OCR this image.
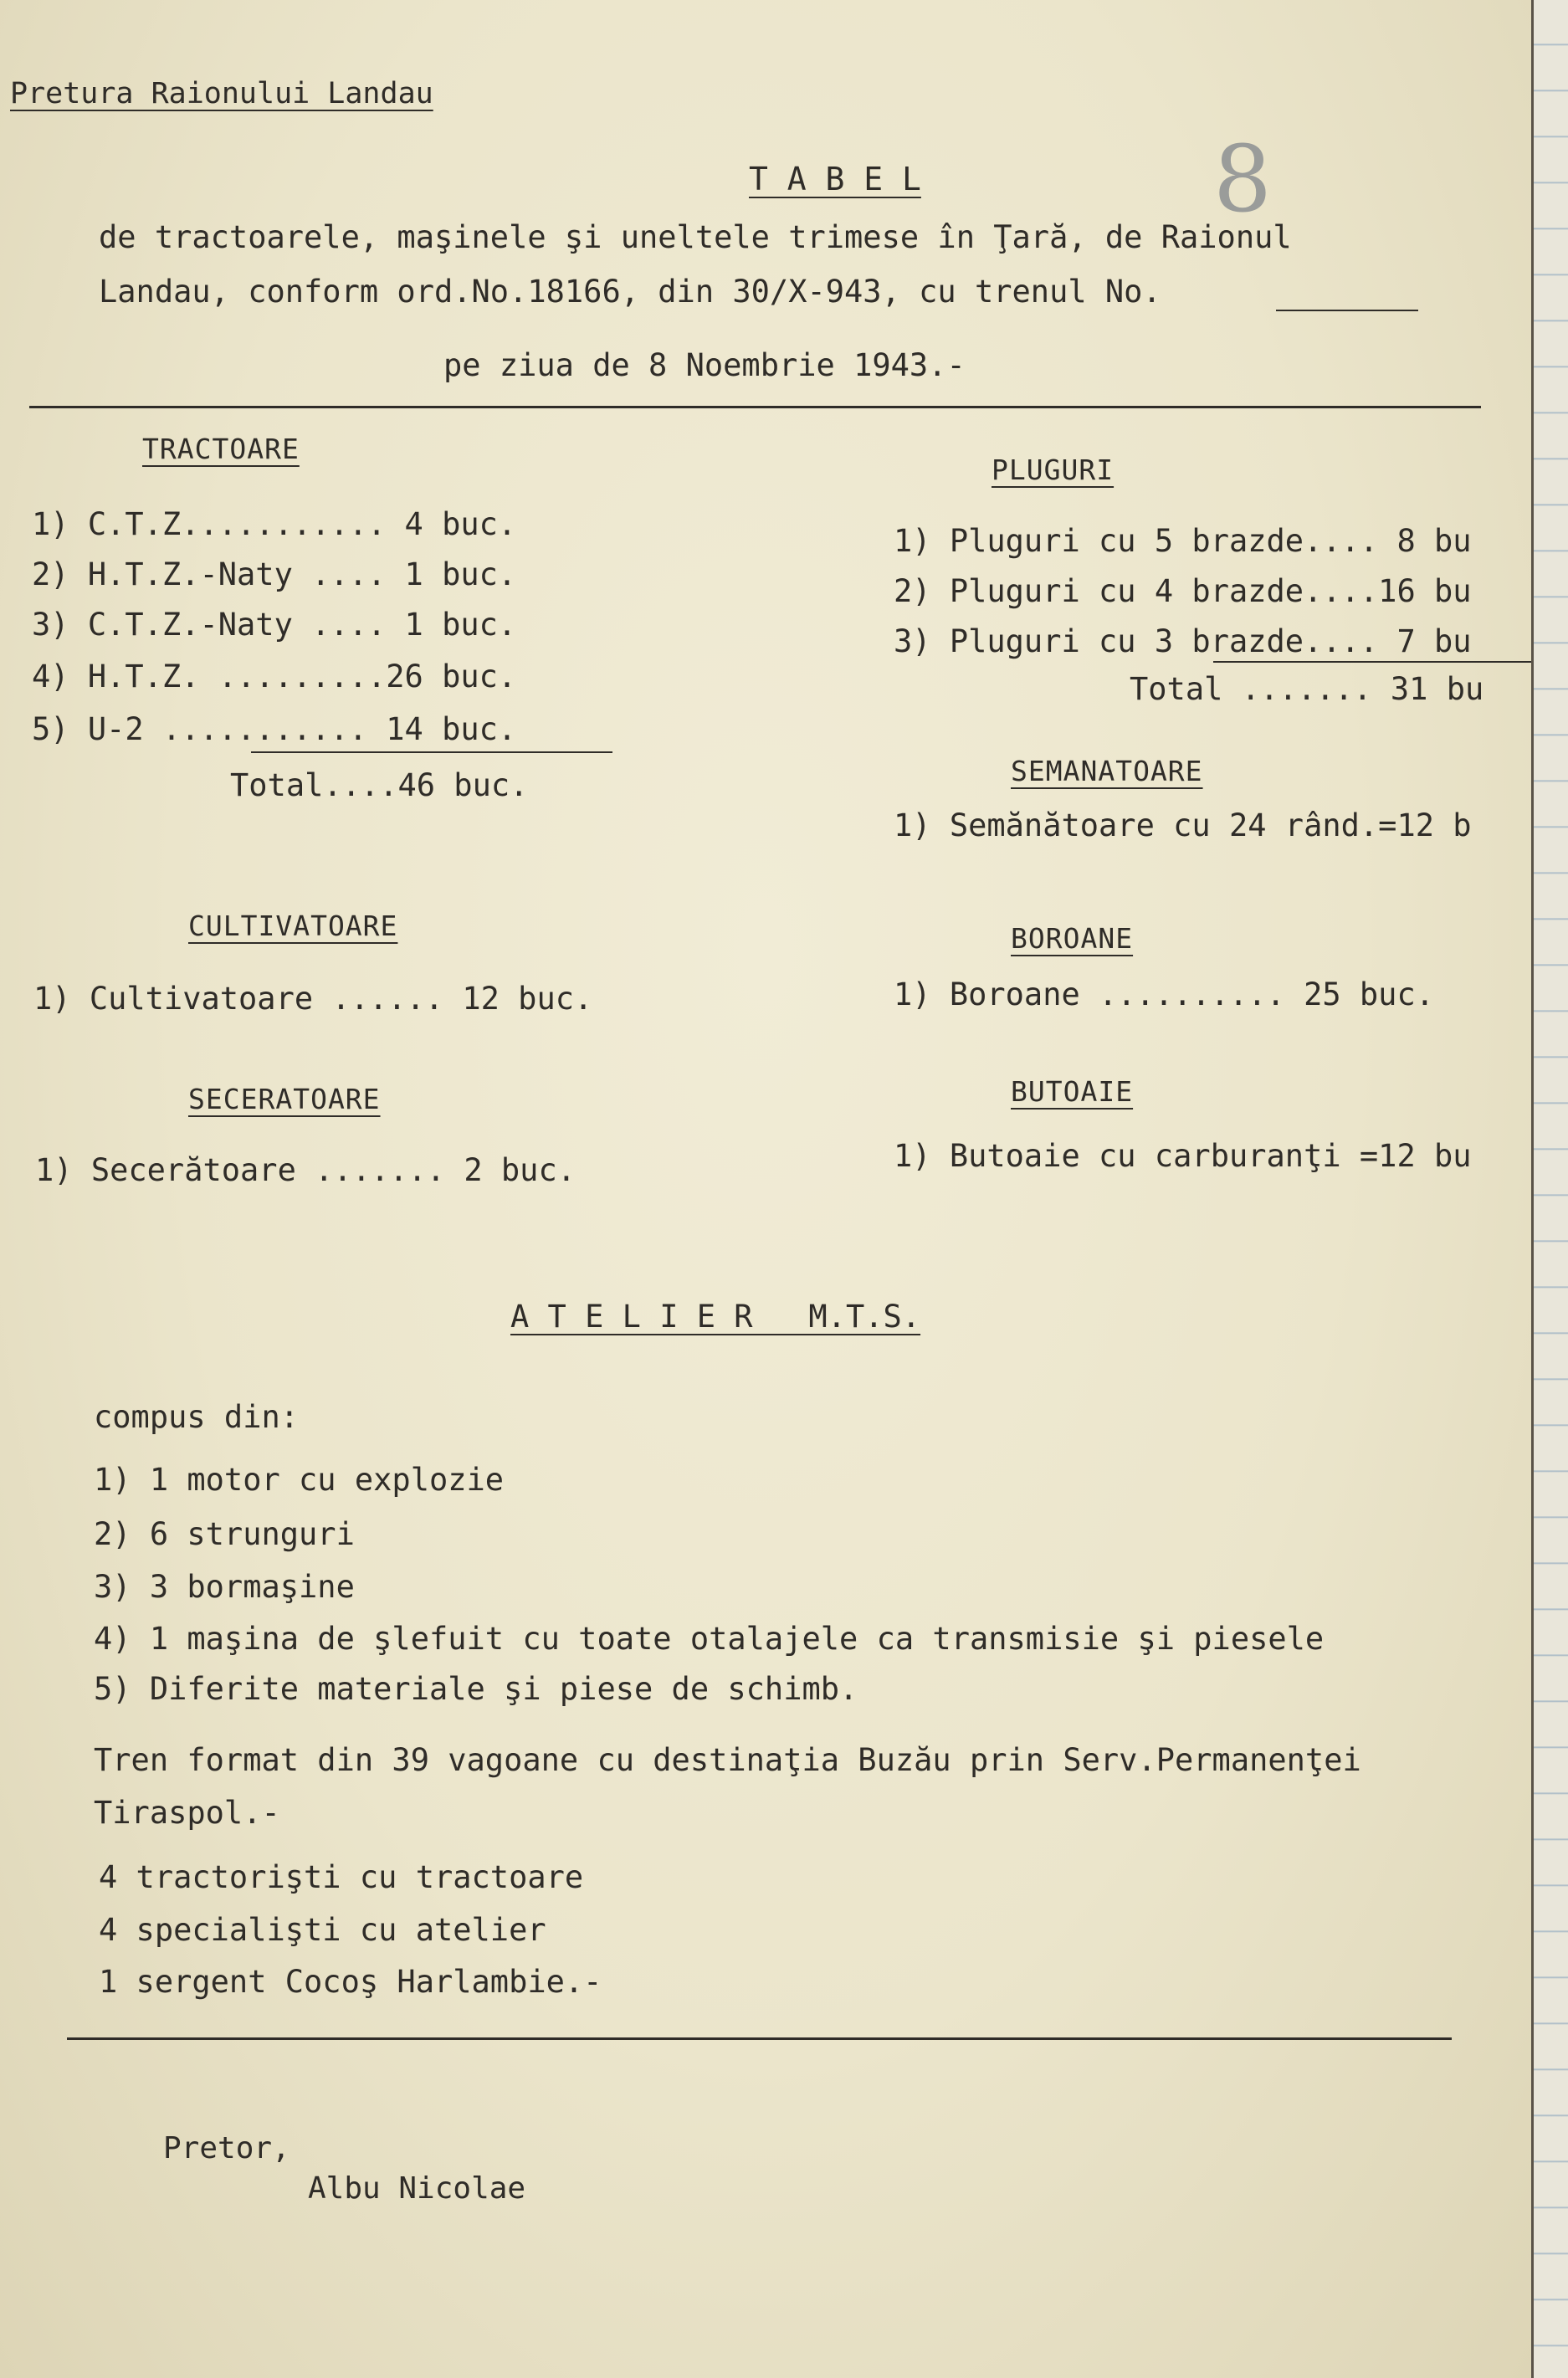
Pretura Raionului Landau
8
T A B E L
de tractoarele, maşinele şi uneltele trimese în Ţară, de Raionul
Landau, conform ord.No.18166, din 30/X-943, cu trenul No.
pe ziua de 8 Noembrie 1943.-
TRACTOARE
1) C.T.Z........... 4 buc.
2) H.T.Z.-Naty .... 1 buc.
3) C.T.Z.-Naty .... 1 buc.
4) H.T.Z. .........26 buc.
5) U-2 ........... 14 buc.
Total....46 buc.
PLUGURI
1) Pluguri cu 5 brazde.... 8 bu
2) Pluguri cu 4 brazde....16 bu
3) Pluguri cu 3 brazde.... 7 bu
Total ....... 31 bu
SEMANATOARE
1) Semănătoare cu 24 rând.=12 b
CULTIVATOARE
1) Cultivatoare ...... 12 buc.
BOROANE
1) Boroane .......... 25 buc.
SECERATOARE
1) Secerătoare ....... 2 buc.
BUTOAIE
1) Butoaie cu carburanţi =12 bu
A T E L I E R   M.T.S.
compus din:
1) 1 motor cu explozie
2) 6 strunguri
3) 3 bormaşine
4) 1 maşina de şlefuit cu toate otalajele ca transmisie şi piesele
5) Diferite materiale şi piese de schimb.
Tren format din 39 vagoane cu destinaţia Buzău prin Serv.Permanenţei
Tiraspol.-
4 tractorişti cu tractoare
4 specialişti cu atelier
1 sergent Cocoş Harlambie.-
Pretor,
Albu Nicolae
